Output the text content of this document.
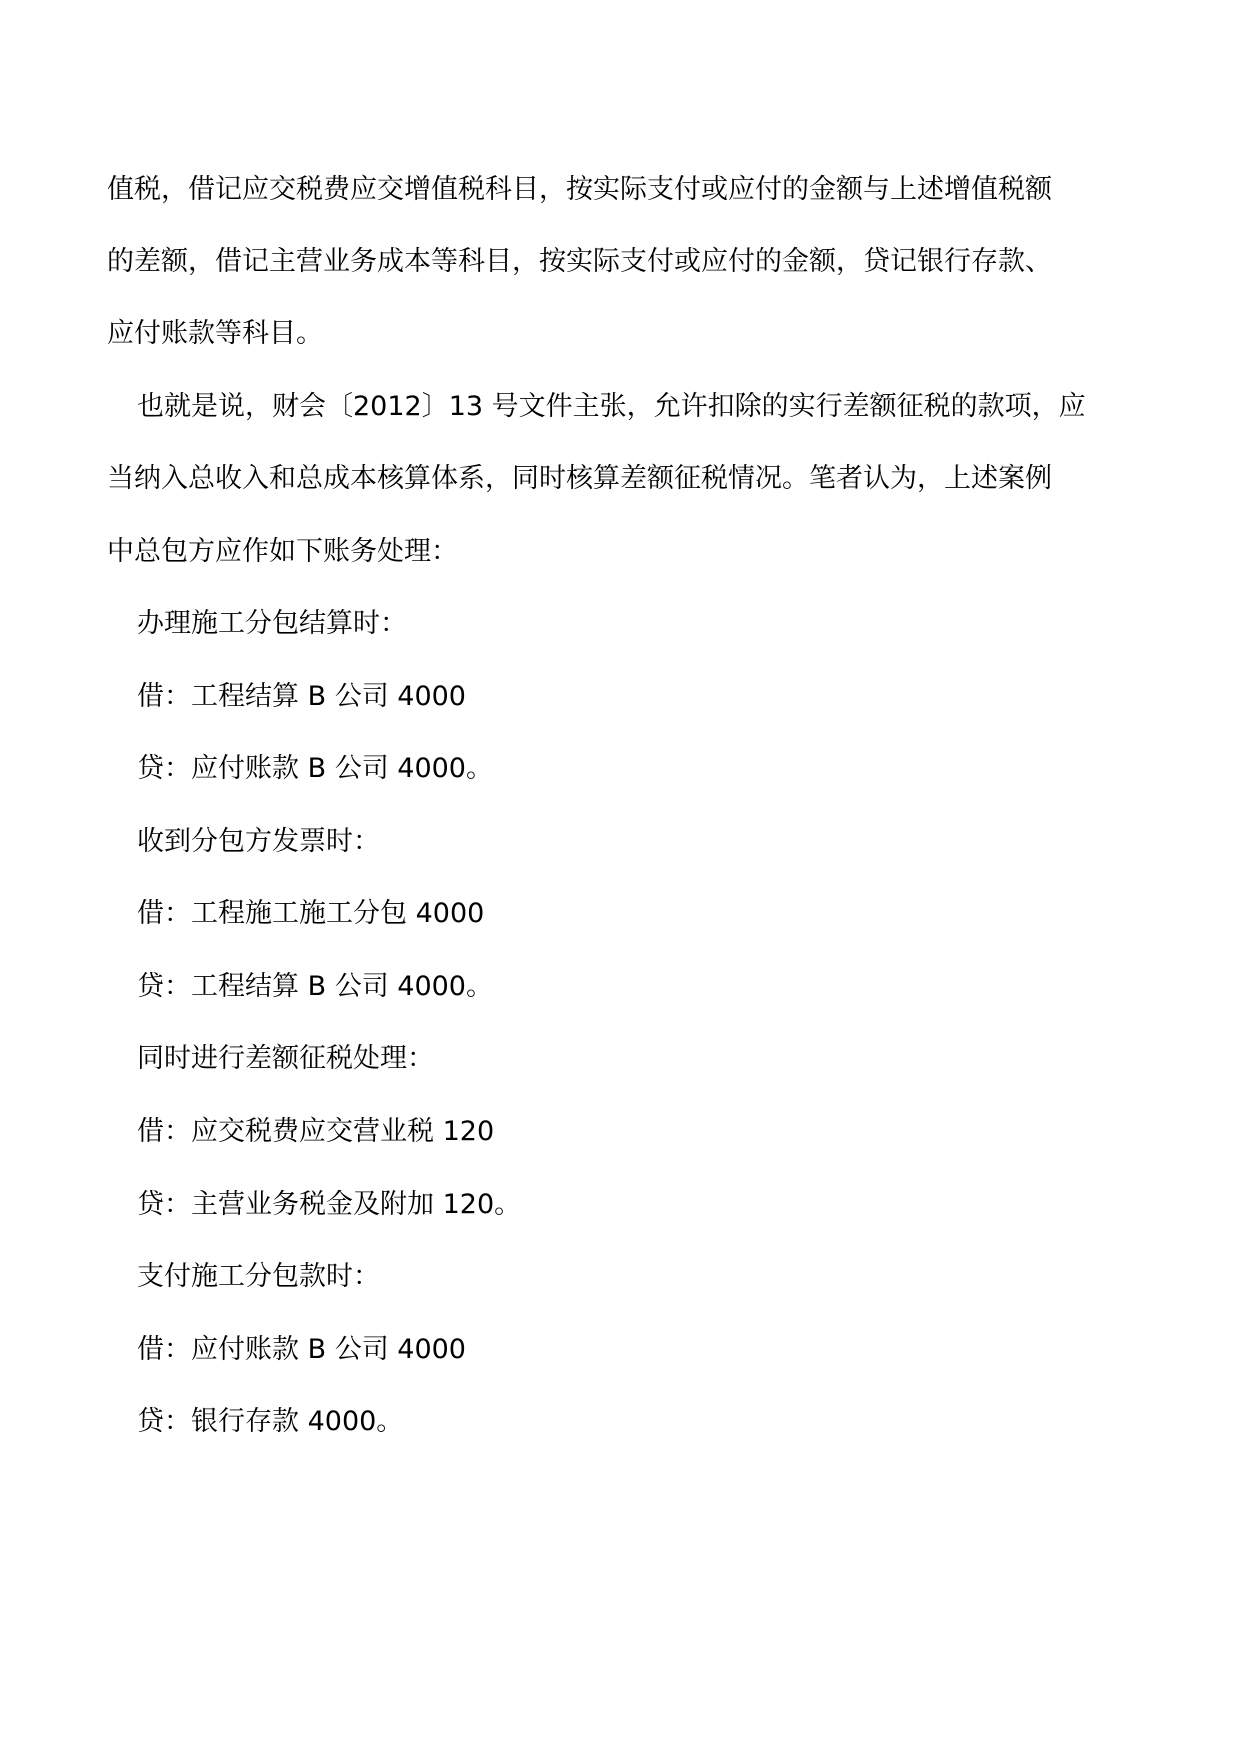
值税，借记应交税费应交增值税科目，按实际支付或应付的金额与上述增值税额
的差额，借记主营业务成本等科目，按实际支付或应付的金额，贷记银行存款、
应付账款等科目。
也就是说，财会〔2012〕13 号文件主张，允许扣除的实行差额征税的款项，应
当纳入总收入和总成本核算体系，同时核算差额征税情况。笔者认为，上述案例
中总包方应作如下账务处理：
办理施工分包结算时：
借：工程结算 B 公司 4000
贷：应付账款 B 公司 4000。
收到分包方发票时：
借：工程施工施工分包 4000
贷：工程结算 B 公司 4000。
同时进行差额征税处理：
借：应交税费应交营业税 120
贷：主营业务税金及附加 120。
支付施工分包款时：
借：应付账款 B 公司 4000
贷：银行存款 4000。
